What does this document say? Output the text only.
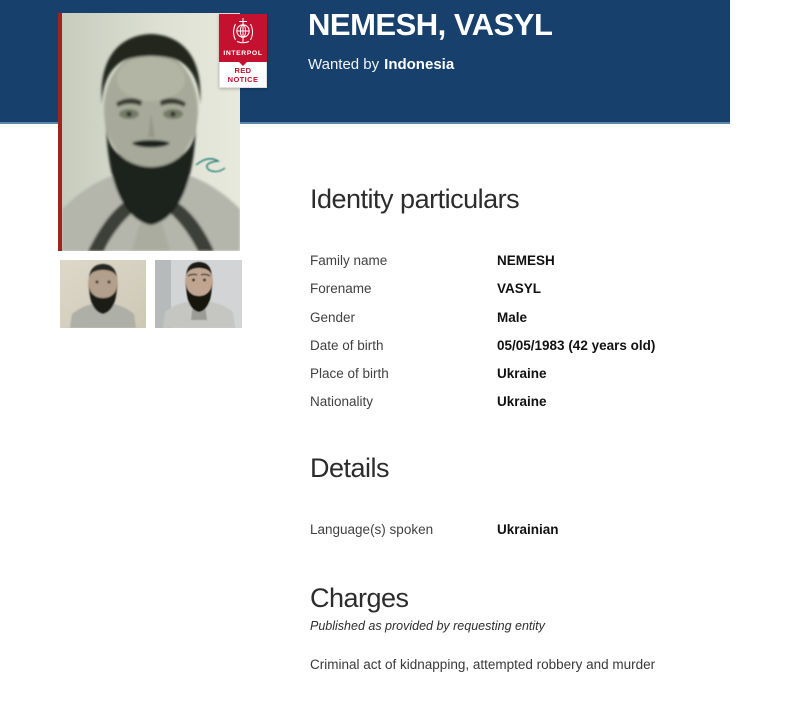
NEMESH, VASYL
Wanted by Indonesia
INTERPOL
RED
NOTICE
Identity particulars
Family name	NEMESH
Forename	VASYL
Gender	Male
Date of birth	05/05/1983 (42 years old)
Place of birth	Ukraine
Nationality	Ukraine
Details
Language(s) spoken	Ukrainian
Charges
Published as provided by requesting entity
Criminal act of kidnapping, attempted robbery and murder
